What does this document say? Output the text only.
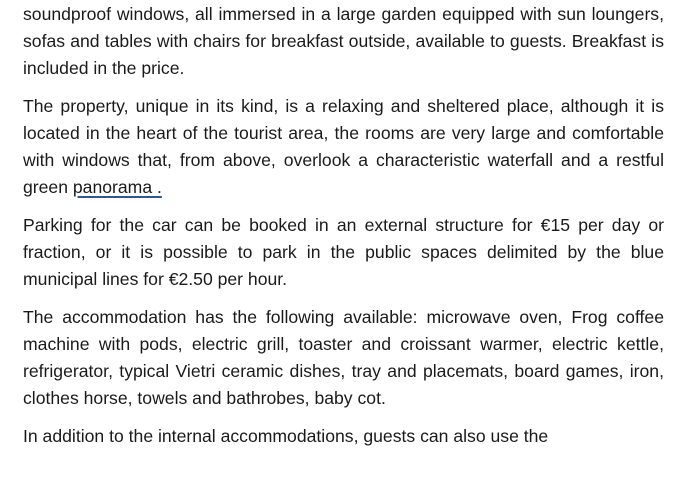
soundproof windows, all immersed in a large garden equipped with sun loungers, sofas and tables with chairs for breakfast outside, available to guests. Breakfast is included in the price.

The property, unique in its kind, is a relaxing and sheltered place, although it is located in the heart of the tourist area, the rooms are very large and comfortable with windows that, from above, overlook a characteristic waterfall and a restful green panorama .

Parking for the car can be booked in an external structure for €15 per day or fraction, or it is possible to park in the public spaces delimited by the blue municipal lines for €2.50 per hour.

The accommodation has the following available: microwave oven, Frog coffee machine with pods, electric grill, toaster and croissant warmer, electric kettle, refrigerator, typical Vietri ceramic dishes, tray and placemats, board games, iron, clothes horse, towels and bathrobes, baby cot.

In addition to the internal accommodations, guests can also use the
